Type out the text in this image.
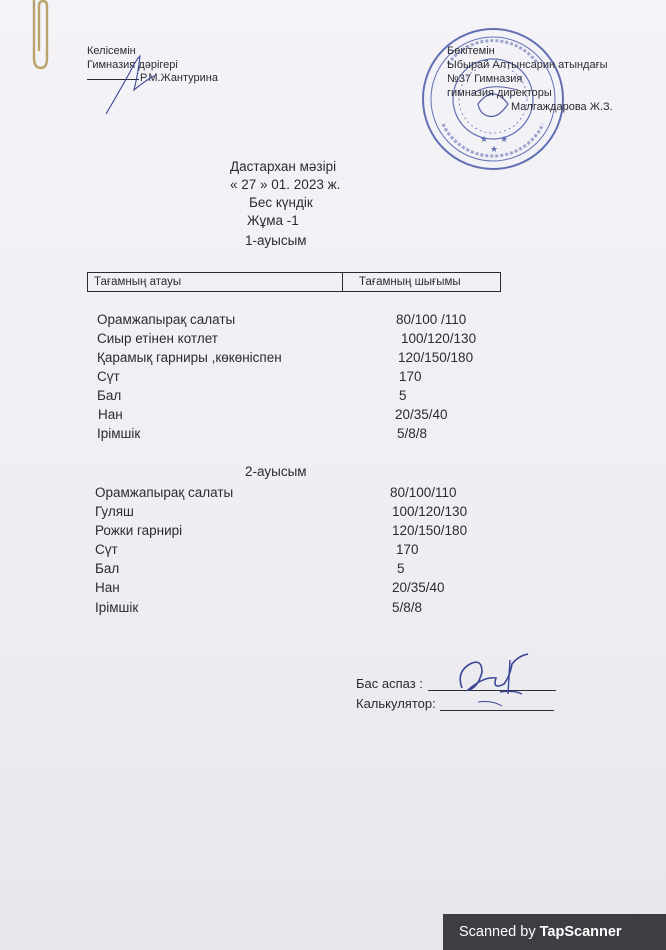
Келісемін
Гимназия дәрігері
Р.М.Жантурина
★
★
★
Бекітемін
Ыбырай Алтынсарин атындағы
№37 Гимназия
гимназия директоры
Малгаждарова Ж.З.
Дастархан мәзірі
« 27 » 01. 2023 ж.
Бес күндік
Жұма -1
1-ауысым
Тағамның атауы	Тағамның шығымы
Орамжапырақ салаты	80/100 /110
Сиыр етінен котлет	100/120/130
Қарамық гарниры ,көкөніспен	120/150/180
Сүт	170
Бал	5
Нан	20/35/40
Ірімшік	5/8/8
2-ауысым
Орамжапырақ салаты	80/100/110
Гуляш	100/120/130
Рожки гарнирі	120/150/180
Сүт	170
Бал	5
Нан	20/35/40
Ірімшік	5/8/8
Бас аспаз :
Калькулятор:
Scanned by TapScanner
